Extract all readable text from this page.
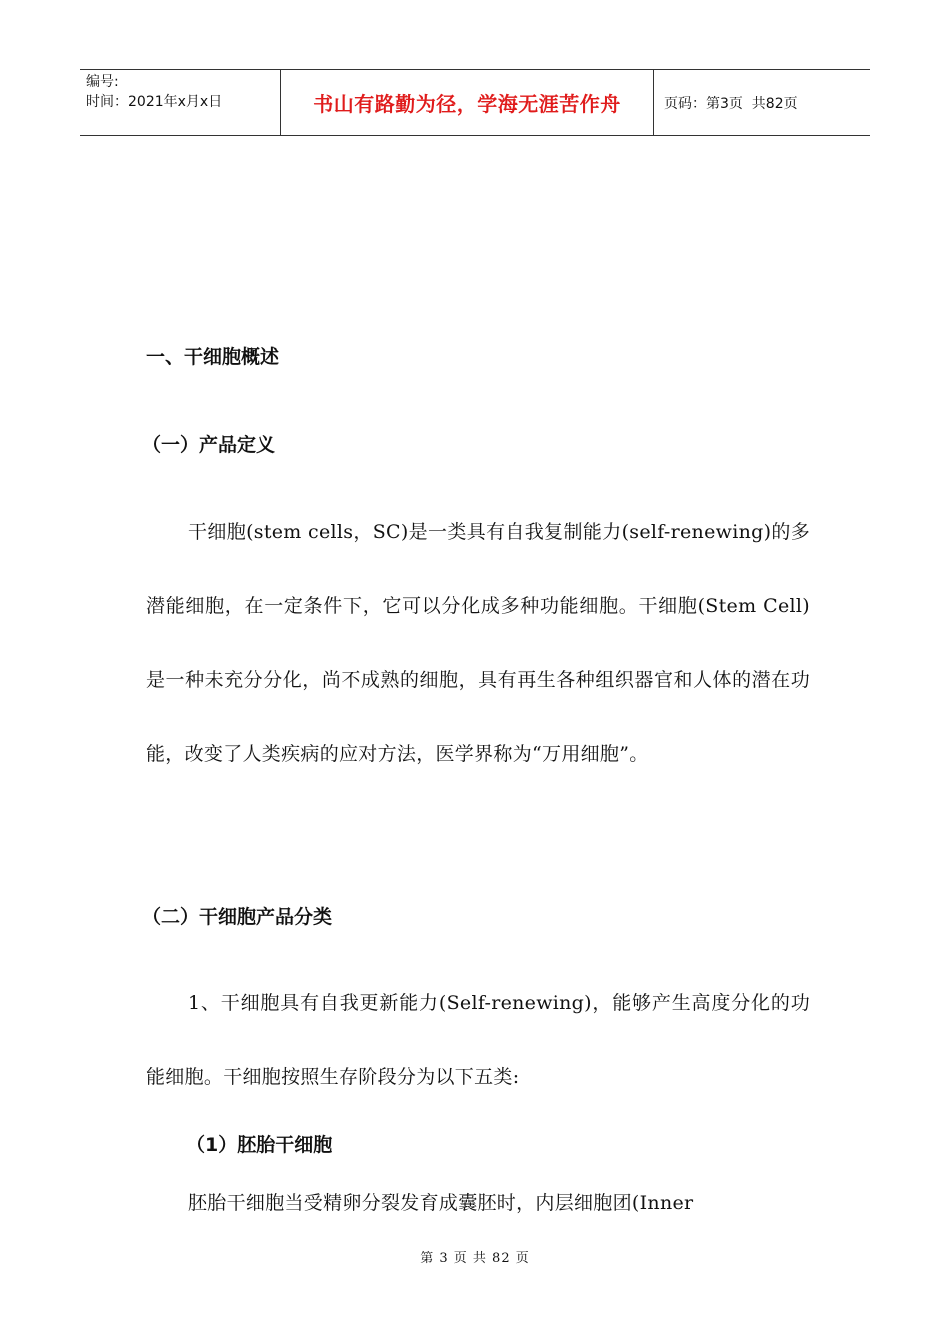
编号:
时间：2021年x月x日	书山有路勤为径，学海无涯苦作舟	页码：第3页  共82页
一、干细胞概述
（一）产品定义

干细胞(stem cells，SC)是一类具有自我复制能力(self-renewing)的多潜能细胞，在一定条件下，它可以分化成多种功能细胞。干细胞(Stem Cell)是一种未充分分化，尚不成熟的细胞，具有再生各种组织器官和人体的潜在功能，改变了人类疾病的应对方法，医学界称为“万用细胞”。

（二）干细胞产品分类

1、干细胞具有自我更新能力(Self-renewing)，能够产生高度分化的功能细胞。干细胞按照生存阶段分为以下五类:

（1）胚胎干细胞

胚胎干细胞当受精卵分裂发育成囊胚时，内层细胞团(Inner

第 3 页 共 82 页
